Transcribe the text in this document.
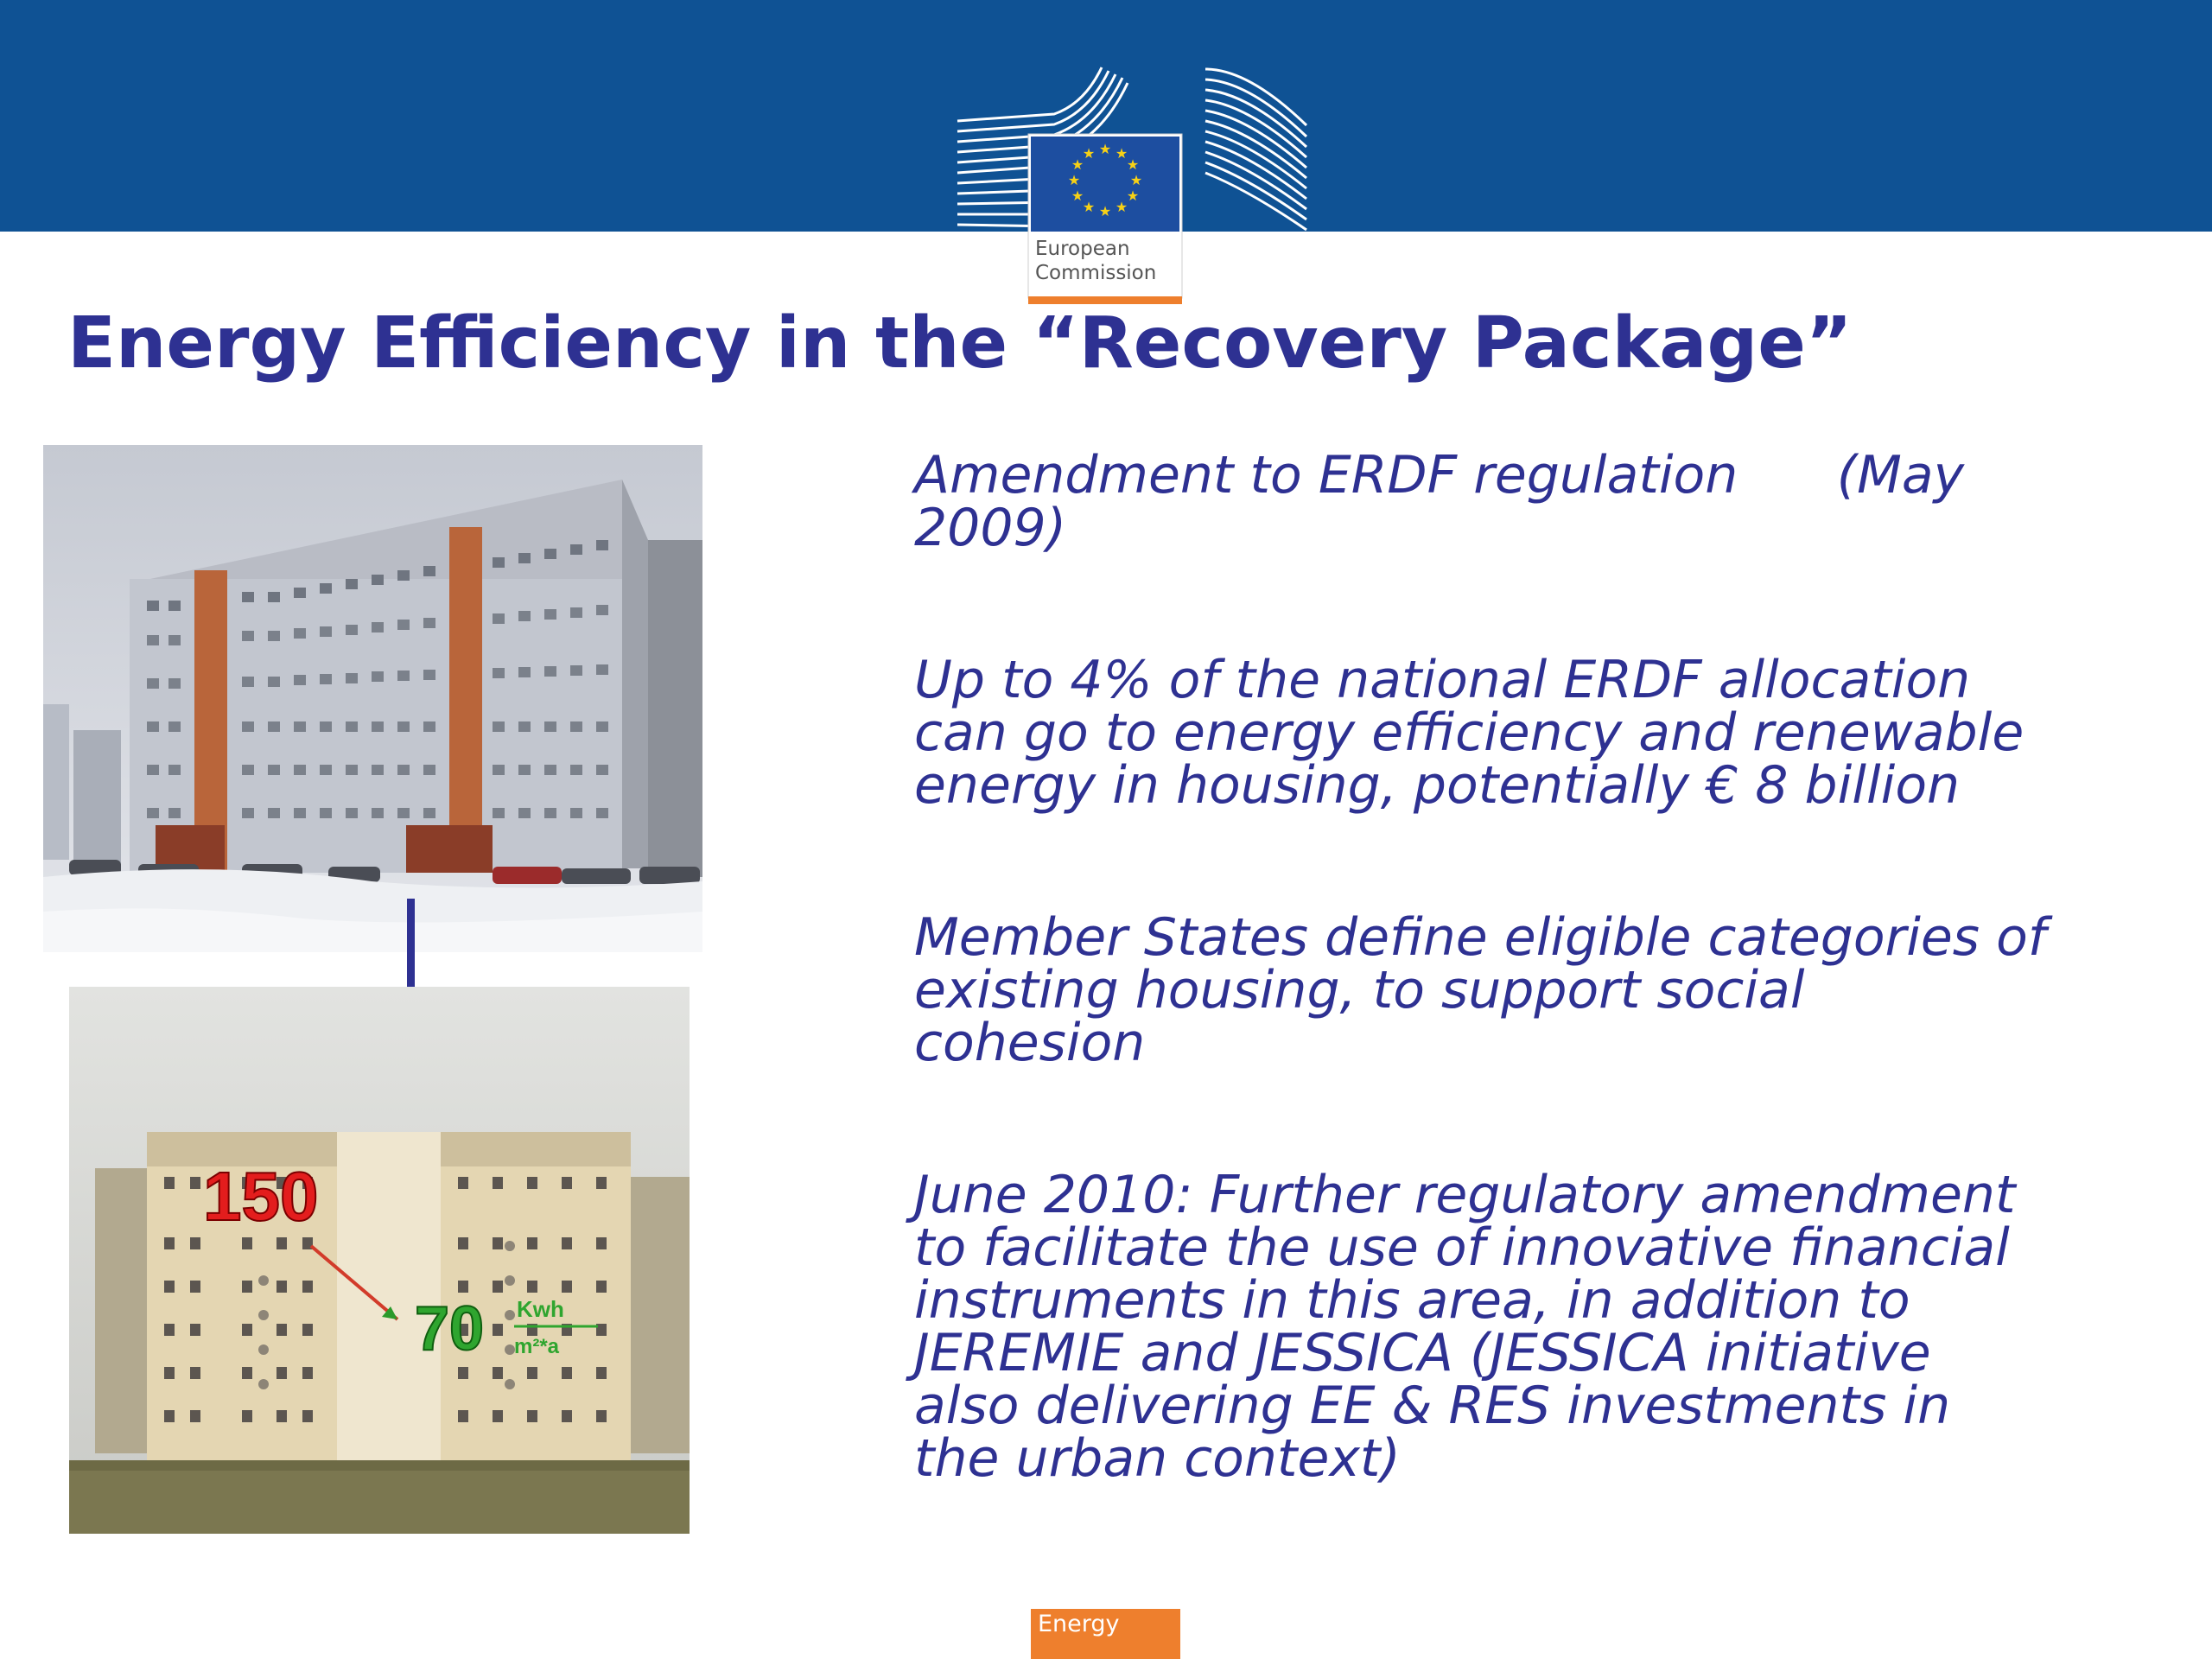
★ ★
★
★
★
★
★
★
★
★
★
★
European
Commission
Energy Efficiency in the “Recovery Package”
150
70 Kwh
m²*a
Amendment to ERDF regulation      (May
2009)
Up to 4% of the national ERDF allocation
can go to energy efficiency and renewable
energy in housing, potentially € 8 billion
Member States define eligible categories of
existing housing, to support social
cohesion
June 2010: Further regulatory amendment
to facilitate the use of innovative financial
instruments in this area, in addition to
JEREMIE and JESSICA (JESSICA initiative
also delivering EE & RES investments in
the urban context)
Energy
